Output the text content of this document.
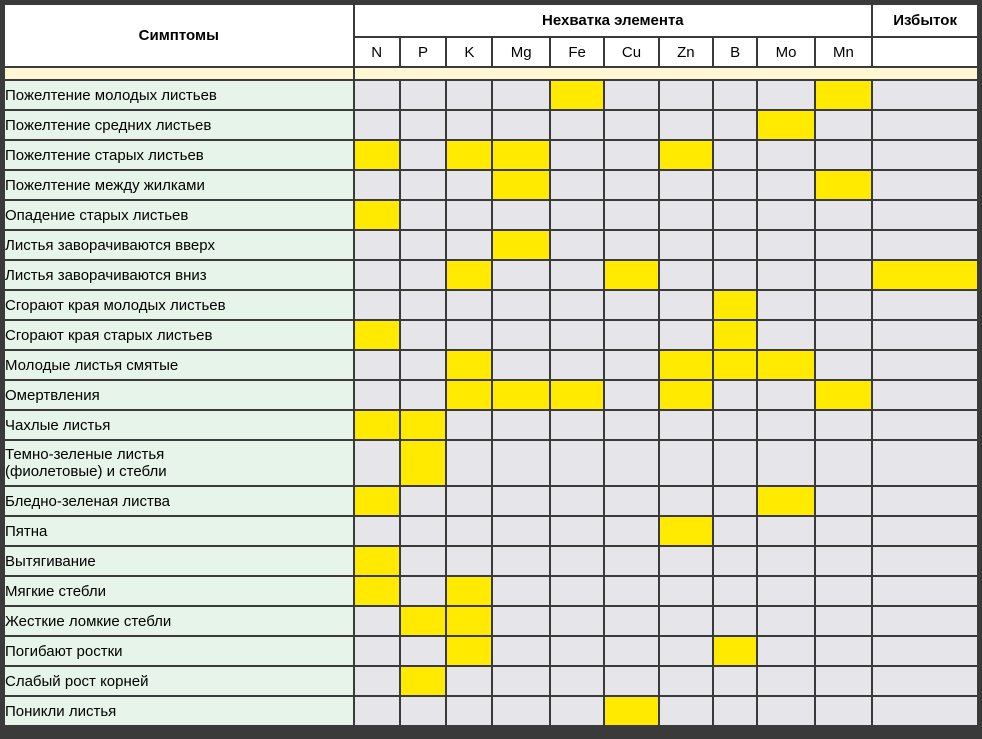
Симптомы	Нехватка элемента										Избыток
	N	P	K	Mg	Fe	Cu	Zn	B	Mo	Mn	

Пожелтение молодых листьев											
Пожелтение средних листьев											
Пожелтение старых листьев											
Пожелтение между жилками											
Опадение старых листьев											
Листья заворачиваются вверх											
Листья заворачиваются вниз											
Сгорают края молодых листьев											
Сгорают края старых листьев											
Молодые листья смятые											
Омертвления											
Чахлые листья											
Темно-зеленые листья
(фиолетовые) и стебли											
Бледно-зеленая листва											
Пятна											
Вытягивание											
Мягкие стебли											
Жесткие ломкие стебли											
Погибают ростки											
Слабый рост корней											
Поникли листья											
